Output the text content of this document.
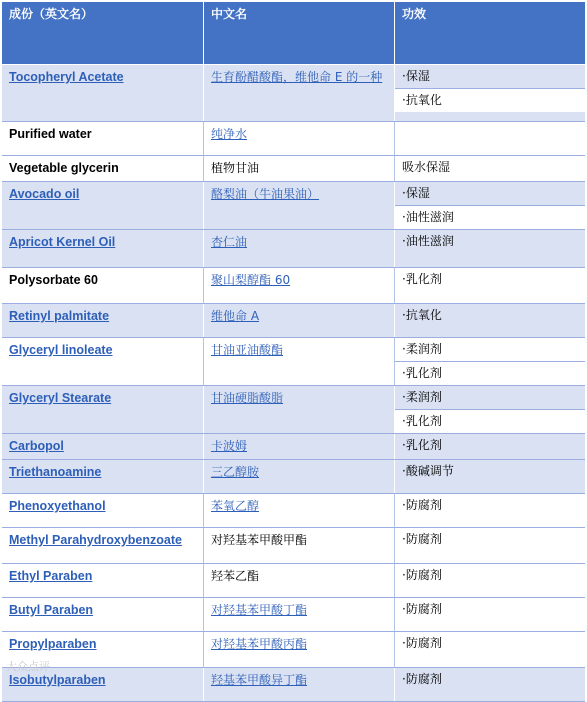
成份（英文名）	中文名	功效
Tocopheryl Acetate	生育酚醋酸酯，维他命 E 的一种	·保湿
·抗氧化
Purified water	纯净水
Vegetable glycerin	植物甘油	吸水保湿
Avocado oil	酪梨油（牛油果油）	·保湿
·油性滋润
Apricot Kernel Oil	杏仁油	·油性滋润
Polysorbate 60	聚山梨醇酯 60	·乳化剂
Retinyl palmitate	维他命 A	·抗氧化
Glyceryl linoleate	甘油亚油酸酯	·柔润剂
·乳化剂
Glyceryl Stearate	甘油硬脂酸脂	·柔润剂
·乳化剂
Carbopol	卡波姆	·乳化剂
Triethanoamine	三乙醇胺	·酸碱调节
Phenoxyethanol	苯氧乙醇	·防腐剂
Methyl Parahydroxybenzoate	对羟基苯甲酸甲酯	·防腐剂
Ethyl Paraben	羟苯乙酯	·防腐剂
Butyl Paraben	对羟基苯甲酸丁酯	·防腐剂
Propylparaben	对羟基苯甲酸丙酯	·防腐剂
Isobutylparaben	羟基苯甲酸异丁酯	·防腐剂
大众点评
